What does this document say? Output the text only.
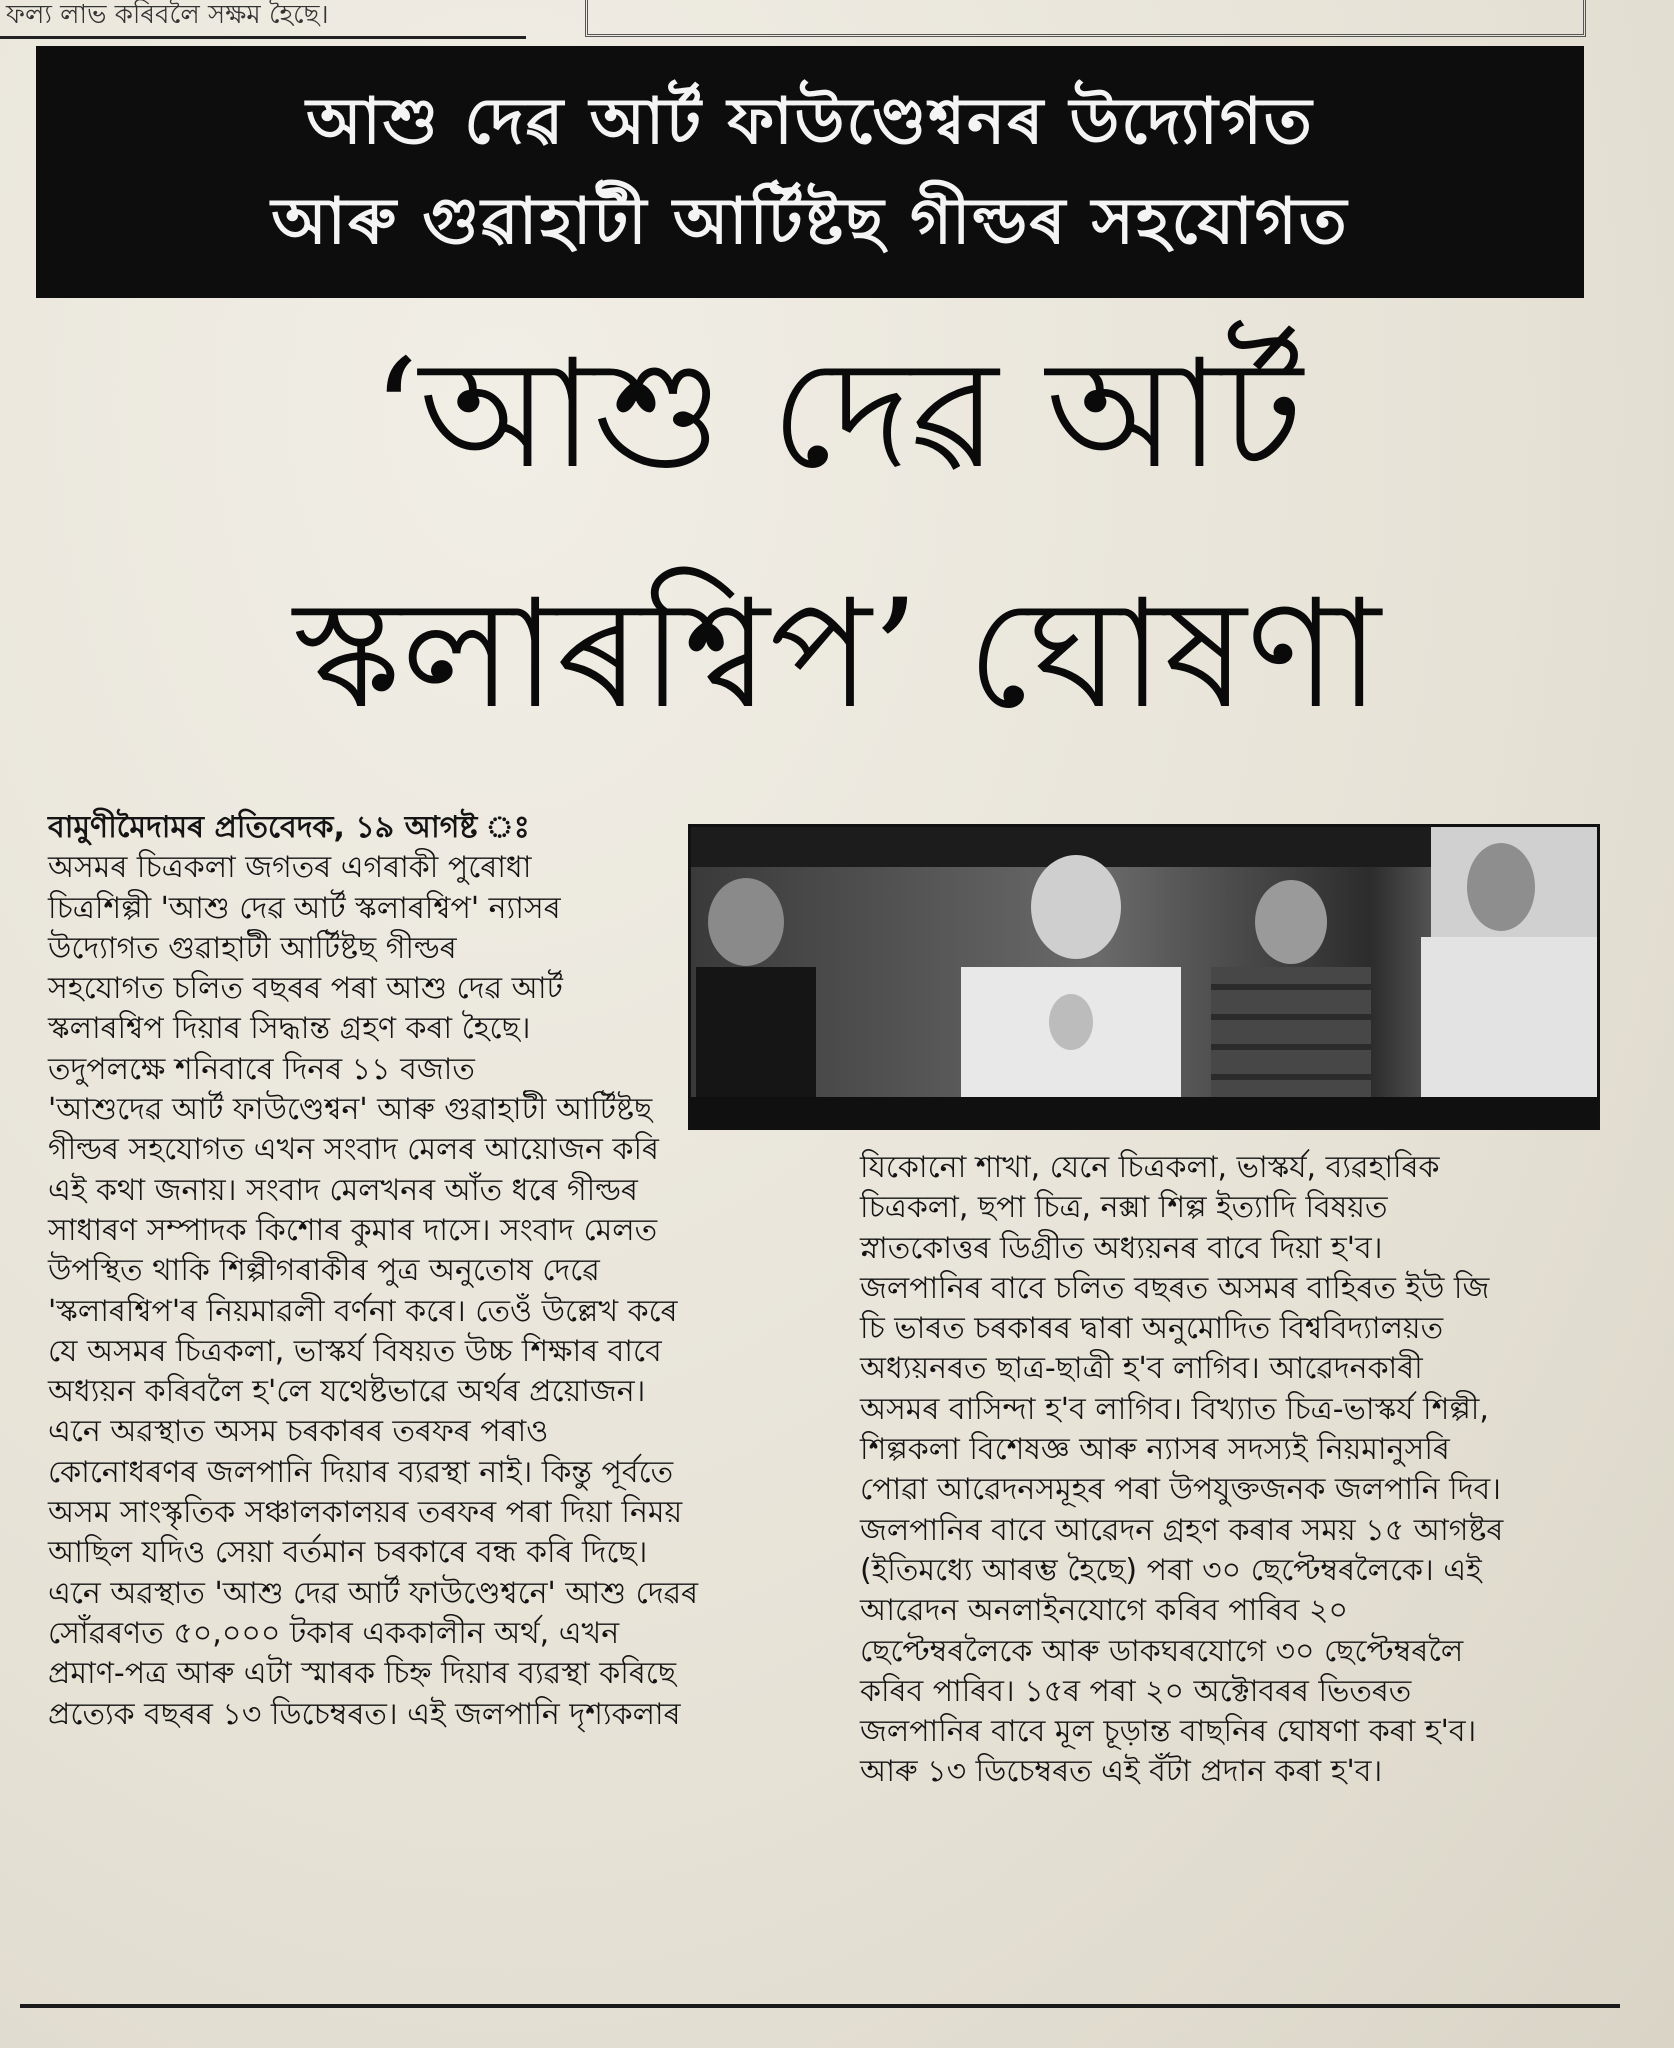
ফল্য লাভ কৰিবলৈ সক্ষম হৈছে।
আশু দেৱ আৰ্ট ফাউণ্ডেশ্বনৰ উদ্যোগত
আৰু গুৱাহাটী আৰ্টিষ্টছ গীল্ডৰ সহযোগত
‘আশু দেৱ আৰ্ট
স্কলাৰশ্বিপ’ ঘোষণা

বামুণীমৈদামৰ প্ৰতিবেদক, ১৯ আগষ্ট ঃ

অসমৰ চিত্ৰকলা জগতৰ এগৰাকী পুৰোধা

চিত্ৰশিল্পী 'আশু দেৱ আৰ্ট স্কলাৰশ্বিপ' ন্যাসৰ

উদ্যোগত গুৱাহাটী আৰ্টিষ্টছ গীল্ডৰ

সহযোগত চলিত বছৰৰ পৰা আশু দেৱ আৰ্ট

স্কলাৰশ্বিপ দিয়াৰ সিদ্ধান্ত গ্ৰহণ কৰা হৈছে।

তদুপলক্ষে শনিবাৰে দিনৰ ১১ বজাত

'আশুদেৱ আৰ্ট ফাউণ্ডেশ্বন' আৰু গুৱাহাটী আৰ্টিষ্টছ

গীল্ডৰ সহযোগত এখন সংবাদ মেলৰ আয়োজন কৰি

এই কথা জনায়। সংবাদ মেলখনৰ আঁত ধৰে গীল্ডৰ

সাধাৰণ সম্পাদক কিশোৰ কুমাৰ দাসে। সংবাদ মেলত

উপস্থিত থাকি শিল্পীগৰাকীৰ পুত্ৰ অনুতোষ দেৱে

'স্কলাৰশ্বিপ'ৰ নিয়মাৱলী বৰ্ণনা কৰে। তেওঁ উল্লেখ কৰে

যে অসমৰ চিত্ৰকলা, ভাস্কৰ্য বিষয়ত উচ্চ শিক্ষাৰ বাবে

অধ্যয়ন কৰিবলৈ হ'লে যথেষ্টভাৱে অৰ্থৰ প্ৰয়োজন।

এনে অৱস্থাত অসম চৰকাৰৰ তৰফৰ পৰাও

কোনোধৰণৰ জলপানি দিয়াৰ ব্যৱস্থা নাই। কিন্তু পূৰ্বতে

অসম সাংস্কৃতিক সঞ্চালকালয়ৰ তৰফৰ পৰা দিয়া নিময়

আছিল যদিও সেয়া বৰ্তমান চৰকাৰে বন্ধ কৰি দিছে।

এনে অৱস্থাত 'আশু দেৱ আৰ্ট ফাউণ্ডেশ্বনে' আশু দেৱৰ

সোঁৱৰণত ৫০,০০০ টকাৰ এককালীন অৰ্থ, এখন

প্ৰমাণ-পত্ৰ আৰু এটা স্মাৰক চিহ্ন দিয়াৰ ব্যৱস্থা কৰিছে

প্ৰত্যেক বছৰৰ ১৩ ডিচেম্বৰত। এই জলপানি দৃশ্যকলাৰ

যিকোনো শাখা, যেনে চিত্ৰকলা, ভাস্কৰ্য, ব্যৱহাৰিক

চিত্ৰকলা, ছপা চিত্ৰ, নক্সা শিল্প ইত্যাদি বিষয়ত

স্নাতকোত্তৰ ডিগ্ৰীত অধ্যয়নৰ বাবে দিয়া হ'ব।

জলপানিৰ বাবে চলিত বছৰত অসমৰ বাহিৰত ইউ জি

চি ভাৰত চৰকাৰৰ দ্বাৰা অনুমোদিত বিশ্ববিদ্যালয়ত

অধ্যয়নৰত ছাত্ৰ-ছাত্ৰী হ'ব লাগিব। আৱেদনকাৰী

অসমৰ বাসিন্দা হ'ব লাগিব। বিখ্যাত চিত্ৰ-ভাস্কৰ্য শিল্পী,

শিল্পকলা বিশেষজ্ঞ আৰু ন্যাসৰ সদস্যই নিয়মানুসৰি

পোৱা আৱেদনসমূহৰ পৰা উপযুক্তজনক জলপানি দিব।

জলপানিৰ বাবে আৱেদন গ্ৰহণ কৰাৰ সময় ১৫ আগষ্টৰ

(ইতিমধ্যে আৰম্ভ হৈছে) পৰা ৩০ ছেপ্টেম্বৰলৈকে। এই

আৱেদন অনলাইনযোগে কৰিব পাৰিব ২০

ছেপ্টেম্বৰলৈকে আৰু ডাকঘৰযোগে ৩০ ছেপ্টেম্বৰলৈ

কৰিব পাৰিব। ১৫ৰ পৰা ২০ অক্টোবৰৰ ভিতৰত

জলপানিৰ বাবে মূল চূড়ান্ত বাছনিৰ ঘোষণা কৰা হ'ব।

আৰু ১৩ ডিচেম্বৰত এই বঁটা প্ৰদান কৰা হ'ব।
